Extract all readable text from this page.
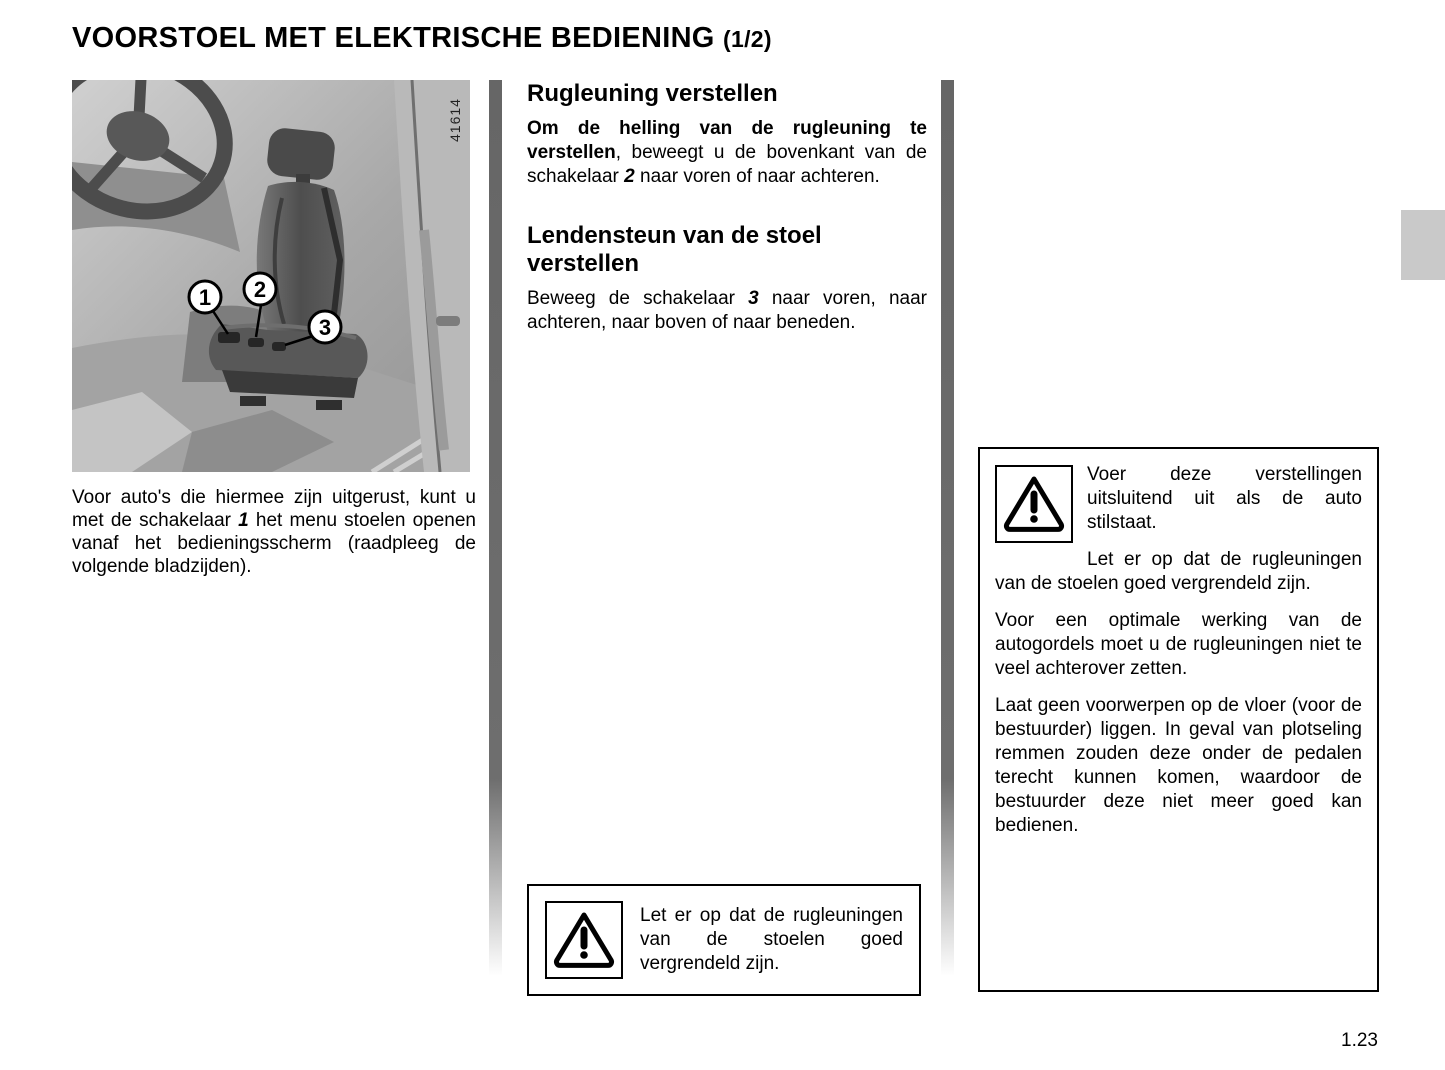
VOORSTOEL MET ELEKTRISCHE BEDIENING (1/2)
1 2
3
41614

Voor auto's die hiermee zijn uitgerust, kunt u met de schakelaar 1 het menu stoelen openen vanaf het bedieningsscherm (raadpleeg de volgende bladzijden).

Rugleuning verstellen

Om de helling van de rugleuning te verstellen, beweegt u de bovenkant van de schakelaar 2 naar voren of naar achteren.

Lendensteun van de stoel verstellen

Beweeg de schakelaar 3 naar voren, naar achteren, naar boven of naar beneden.

Let er op dat de rugleuningen van de stoelen goed vergrendeld zijn.

Voer deze verstellingen uitsluitend uit als de auto stilstaat.

Let er op dat de rugleuningen van de stoelen goed vergrendeld zijn.

Voor een optimale werking van de autogordels moet u de rugleuningen niet te veel achterover zetten.

Laat geen voorwerpen op de vloer (voor de bestuurder) liggen. In geval van plotseling remmen zouden deze onder de pedalen terecht kunnen komen, waardoor de bestuurder deze niet meer goed kan bedienen.

1.23
